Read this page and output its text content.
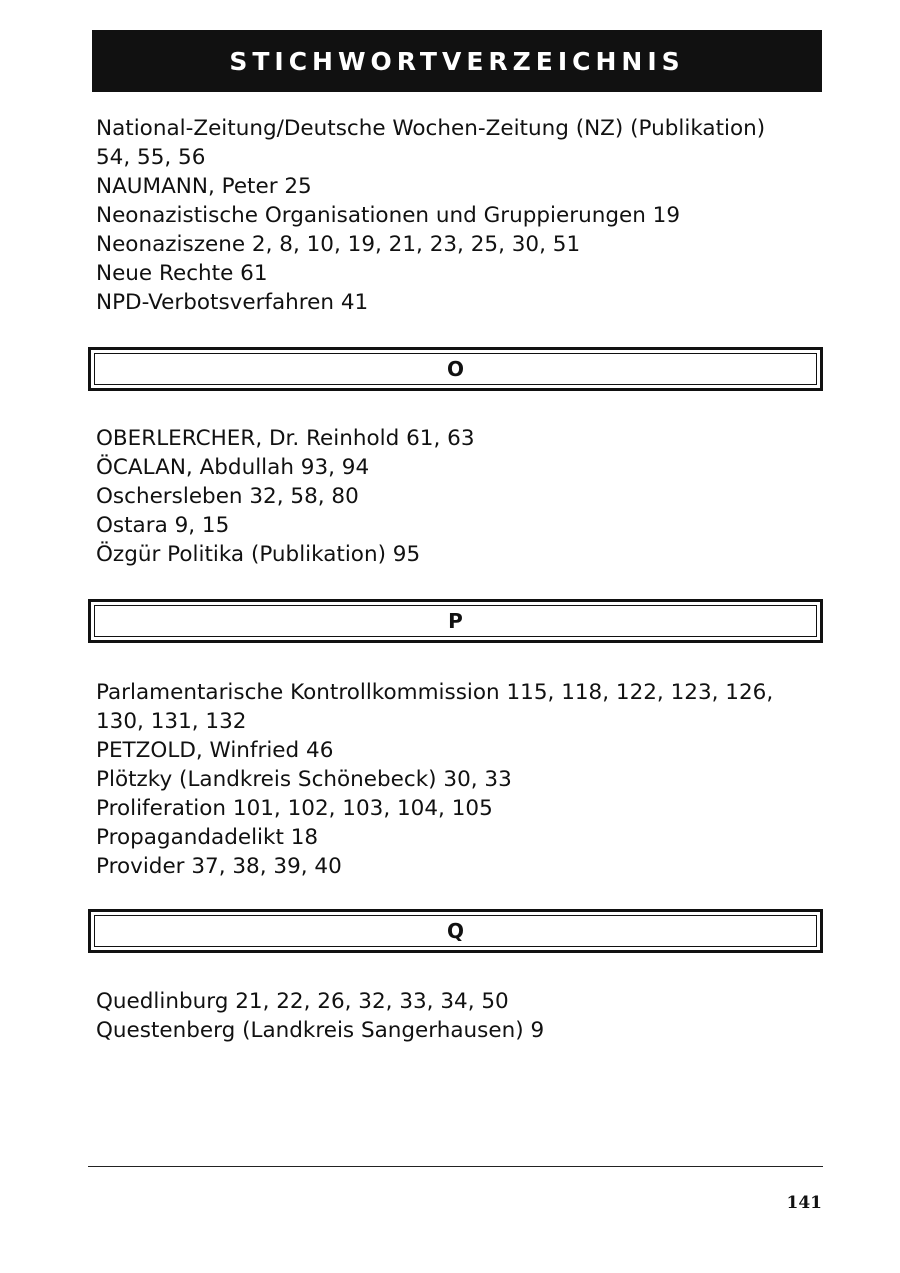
STICHWORTVERZEICHNIS
National-Zeitung/Deutsche Wochen-Zeitung (NZ) (Publikation) 54, 55, 56
NAUMANN, Peter 25
Neonazistische Organisationen und Gruppierungen 19
Neonaziszene 2, 8, 10, 19, 21, 23, 25, 30, 51
Neue Rechte 61
NPD-Verbotsverfahren 41
O
OBERLERCHER, Dr. Reinhold 61, 63
ÖCALAN, Abdullah 93, 94
Oschersleben 32, 58, 80
Ostara 9, 15
Özgür Politika (Publikation) 95
P
Parlamentarische Kontrollkommission 115, 118, 122, 123, 126, 130, 131, 132
PETZOLD, Winfried 46
Plötzky (Landkreis Schönebeck) 30, 33
Proliferation 101, 102, 103, 104, 105
Propagandadelikt 18
Provider 37, 38, 39, 40
Q
Quedlinburg 21, 22, 26, 32, 33, 34, 50
Questenberg (Landkreis Sangerhausen) 9
141
